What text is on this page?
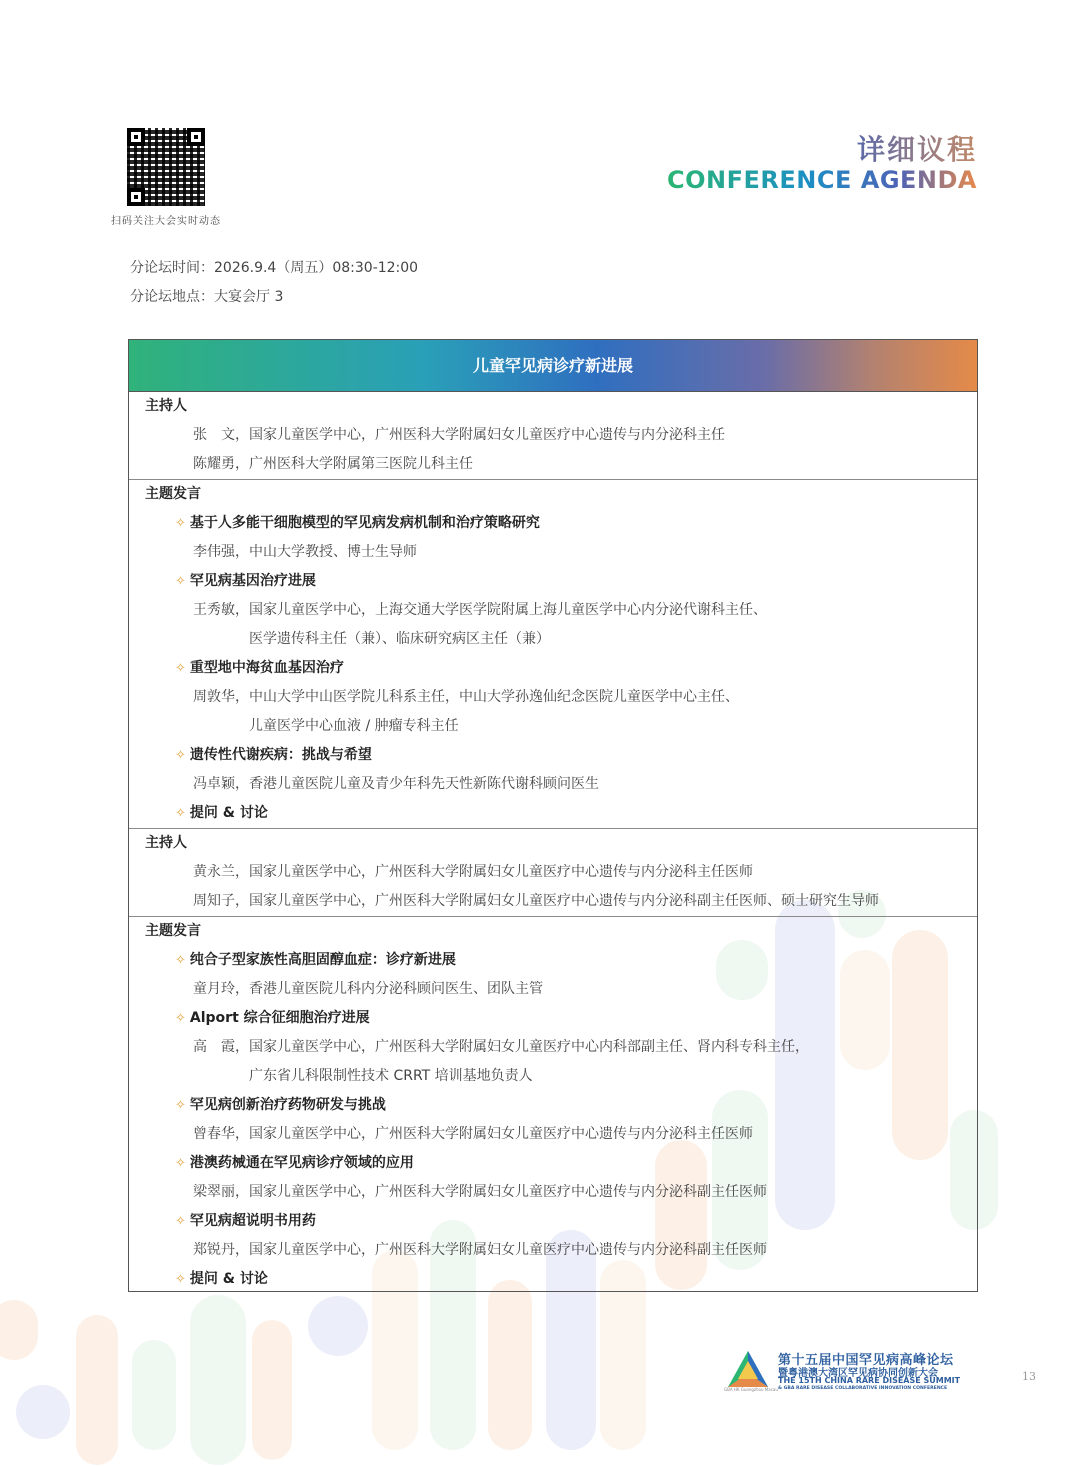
扫码关注大会实时动态
详细议程
CONFERENCE AGENDA
分论坛时间：2026.9.4（周五）08:30-12:00
分论坛地点：大宴会厅 3
儿童罕见病诊疗新进展
主持人
张　文，国家儿童医学中心，广州医科大学附属妇女儿童医疗中心遗传与内分泌科主任
陈耀勇，广州医科大学附属第三医院儿科主任
主题发言
✧ 基于人多能干细胞模型的罕见病发病机制和治疗策略研究
李伟强，中山大学教授、博士生导师
✧ 罕见病基因治疗进展
王秀敏，国家儿童医学中心，上海交通大学医学院附属上海儿童医学中心内分泌代谢科主任、
医学遗传科主任（兼）、临床研究病区主任（兼）
✧ 重型地中海贫血基因治疗
周敦华，中山大学中山医学院儿科系主任，中山大学孙逸仙纪念医院儿童医学中心主任、
儿童医学中心血液 / 肿瘤专科主任
✧ 遗传性代谢疾病：挑战与希望
冯卓颖，香港儿童医院儿童及青少年科先天性新陈代谢科顾问医生
✧ 提问 & 讨论
主持人
黄永兰，国家儿童医学中心，广州医科大学附属妇女儿童医疗中心遗传与内分泌科主任医师
周知子，国家儿童医学中心，广州医科大学附属妇女儿童医疗中心遗传与内分泌科副主任医师、硕士研究生导师
主题发言
✧ 纯合子型家族性高胆固醇血症：诊疗新进展
童月玲，香港儿童医院儿科内分泌科顾问医生、团队主管
✧ Alport 综合征细胞治疗进展
高　霞，国家儿童医学中心，广州医科大学附属妇女儿童医疗中心内科部副主任、肾内科专科主任，
广东省儿科限制性技术 CRRT 培训基地负责人
✧ 罕见病创新治疗药物研发与挑战
曾春华，国家儿童医学中心，广州医科大学附属妇女儿童医疗中心遗传与内分泌科主任医师
✧ 港澳药械通在罕见病诊疗领域的应用
梁翠丽，国家儿童医学中心，广州医科大学附属妇女儿童医疗中心遗传与内分泌科副主任医师
✧ 罕见病超说明书用药
郑锐丹，国家儿童医学中心，广州医科大学附属妇女儿童医疗中心遗传与内分泌科副主任医师
✧ 提问 & 讨论
GBA HK Guangzhou Macau
第十五届中国罕见病高峰论坛
暨粤港澳大湾区罕见病协同创新大会
THE 15TH CHINA RARE DISEASE SUMMIT
& GBA RARE DISEASE COLLABORATIVE INNOVATION CONFERENCE
13
